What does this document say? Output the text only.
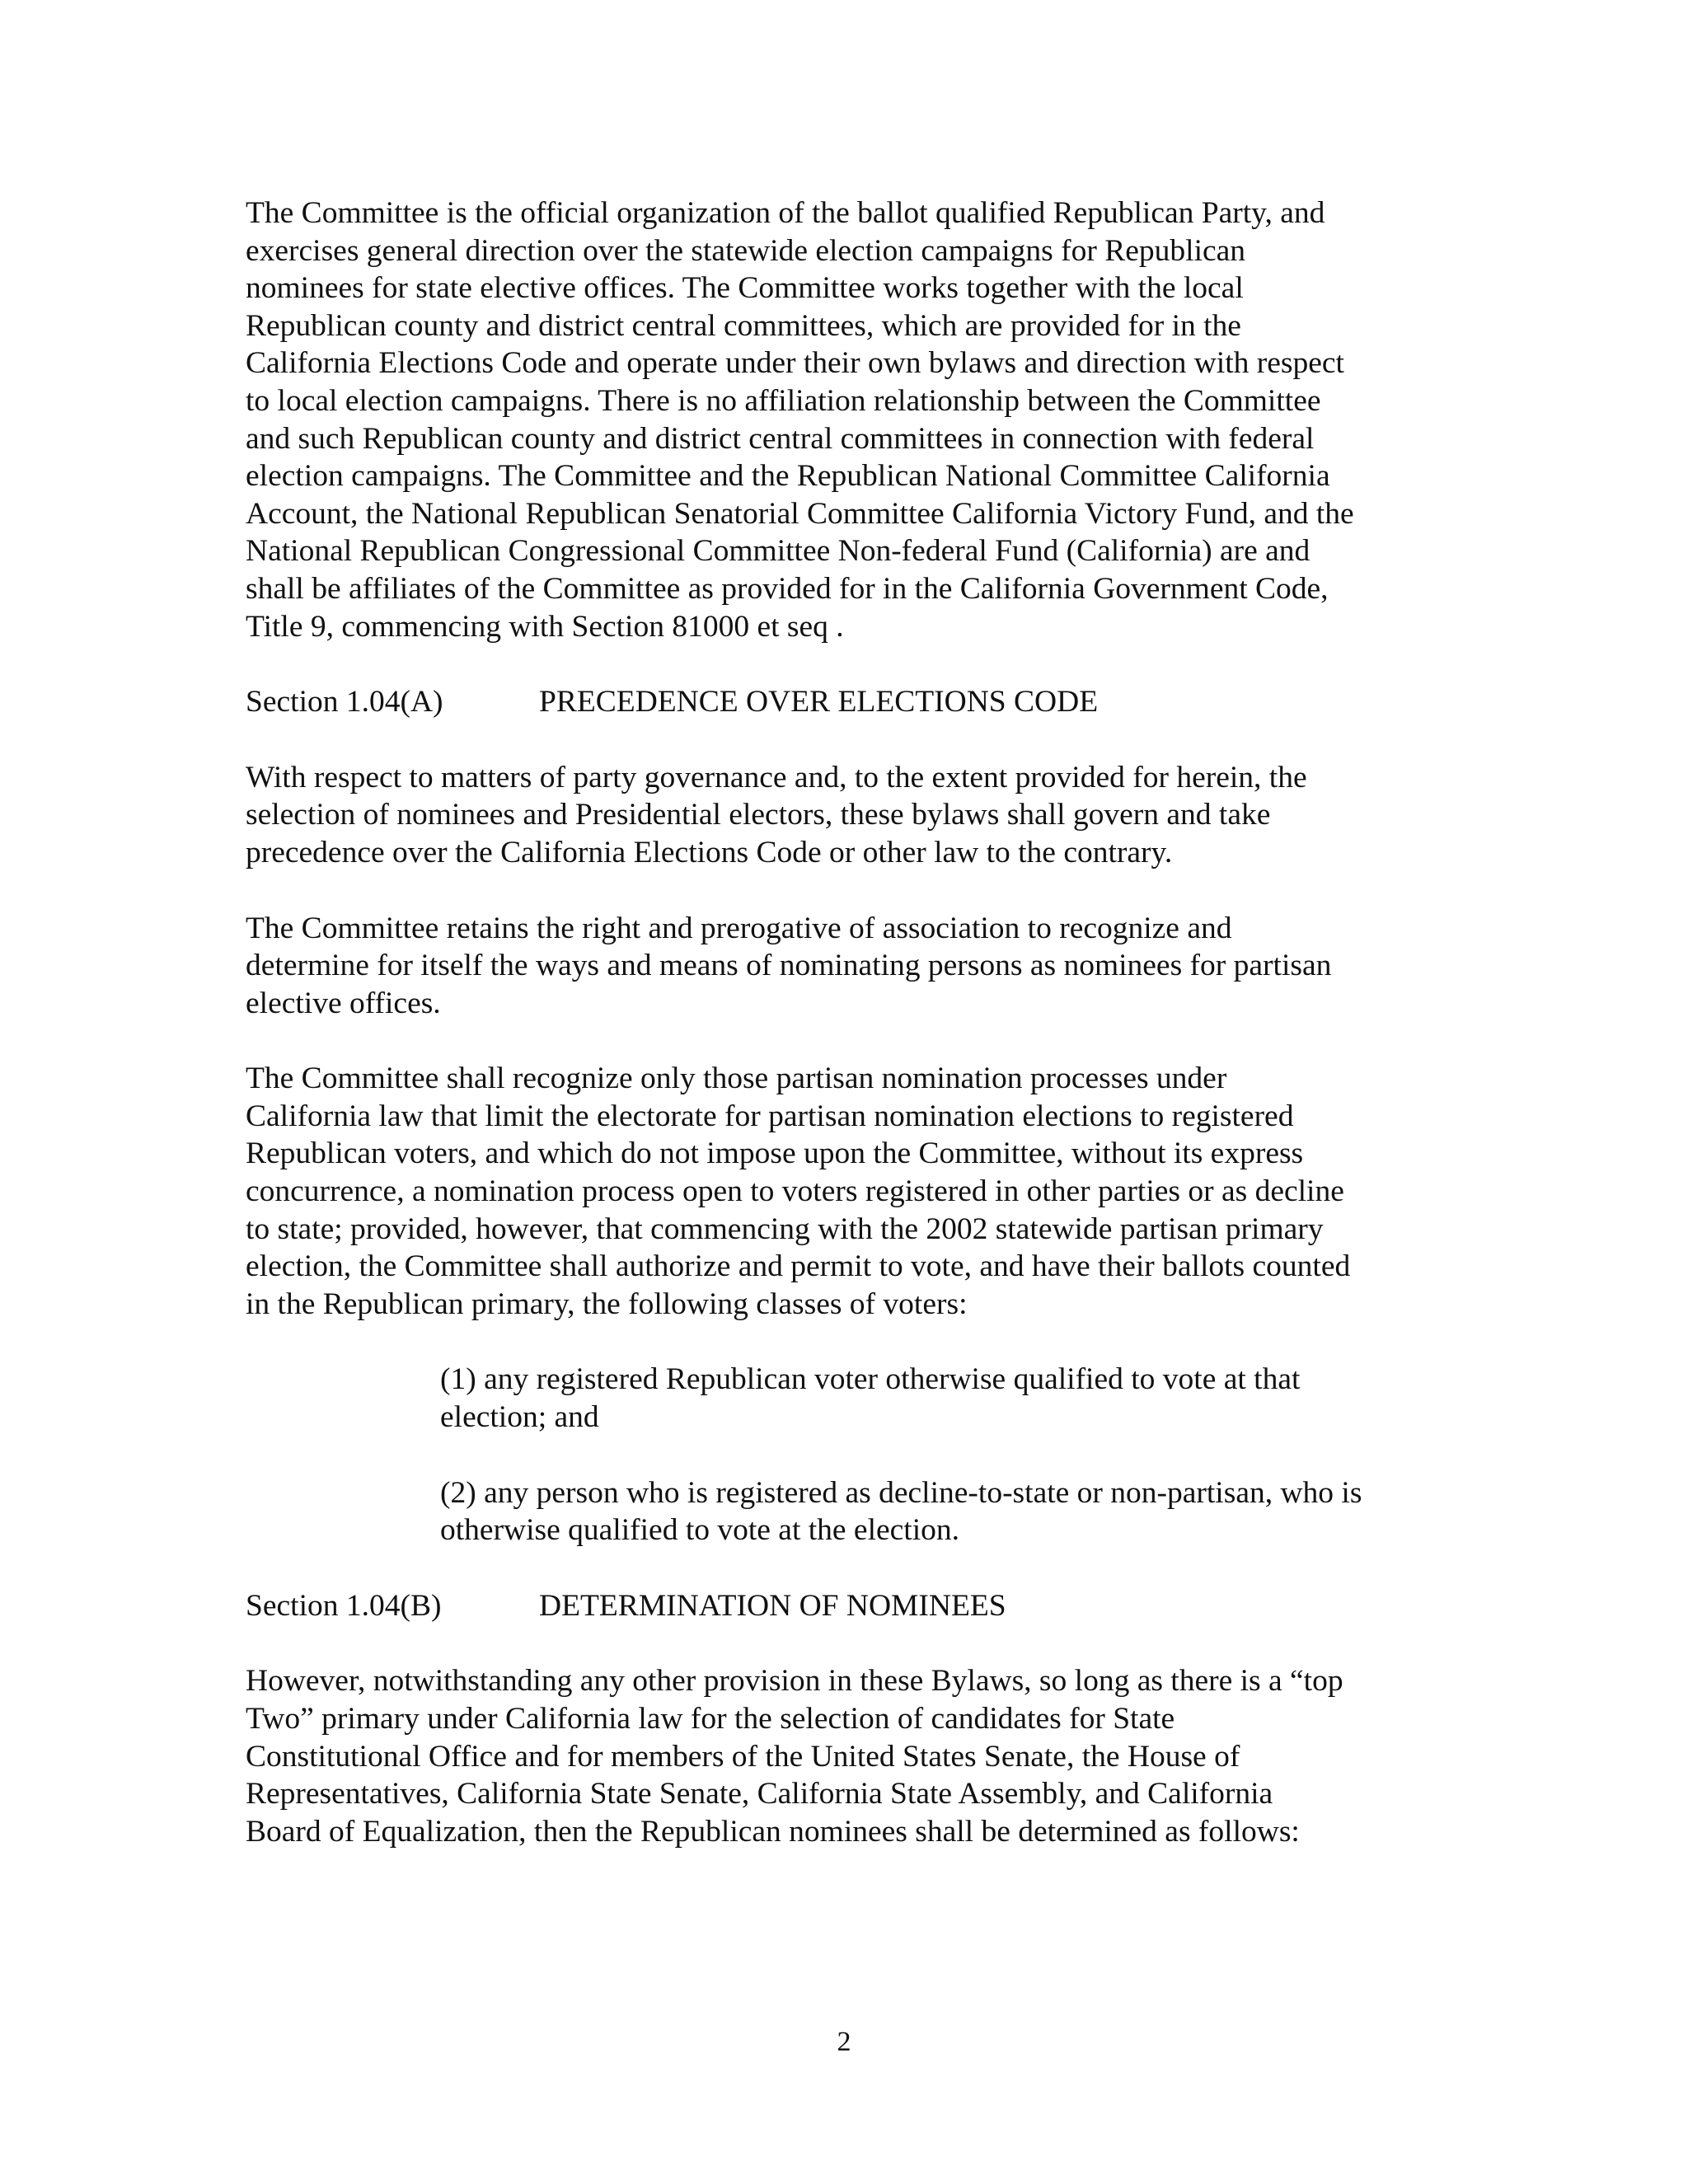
The Committee is the official organization of the ballot qualified Republican Party, and
exercises general direction over the statewide election campaigns for Republican
nominees for state elective offices. The Committee works together with the local
Republican county and district central committees, which are provided for in the
California Elections Code and operate under their own bylaws and direction with respect
to local election campaigns. There is no affiliation relationship between the Committee
and such Republican county and district central committees in connection with federal
election campaigns. The Committee and the Republican National Committee California
Account, the National Republican Senatorial Committee California Victory Fund, and the
National Republican Congressional Committee Non-federal Fund (California) are and
shall be affiliates of the Committee as provided for in the California Government Code,
Title 9, commencing with Section 81000 et seq .

Section 1.04(A)	PRECEDENCE OVER ELECTIONS CODE

With respect to matters of party governance and, to the extent provided for herein, the
selection of nominees and Presidential electors, these bylaws shall govern and take
precedence over the California Elections Code or other law to the contrary.

The Committee retains the right and prerogative of association to recognize and
determine for itself the ways and means of nominating persons as nominees for partisan
elective offices.

The Committee shall recognize only those partisan nomination processes under
California law that limit the electorate for partisan nomination elections to registered
Republican voters, and which do not impose upon the Committee, without its express
concurrence, a nomination process open to voters registered in other parties or as decline
to state; provided, however, that commencing with the 2002 statewide partisan primary
election, the Committee shall authorize and permit to vote, and have their ballots counted
in the Republican primary, the following classes of voters:

(1) any registered Republican voter otherwise qualified to vote at that
election; and

(2) any person who is registered as decline-to-state or non-partisan, who is
otherwise qualified to vote at the election.

Section 1.04(B)	DETERMINATION OF NOMINEES

However, notwithstanding any other provision in these Bylaws, so long as there is a “top
Two” primary under California law for the selection of candidates for State
Constitutional Office and for members of the United States Senate, the House of
Representatives, California State Senate, California State Assembly, and California
Board of Equalization, then the Republican nominees shall be determined as follows:

2
